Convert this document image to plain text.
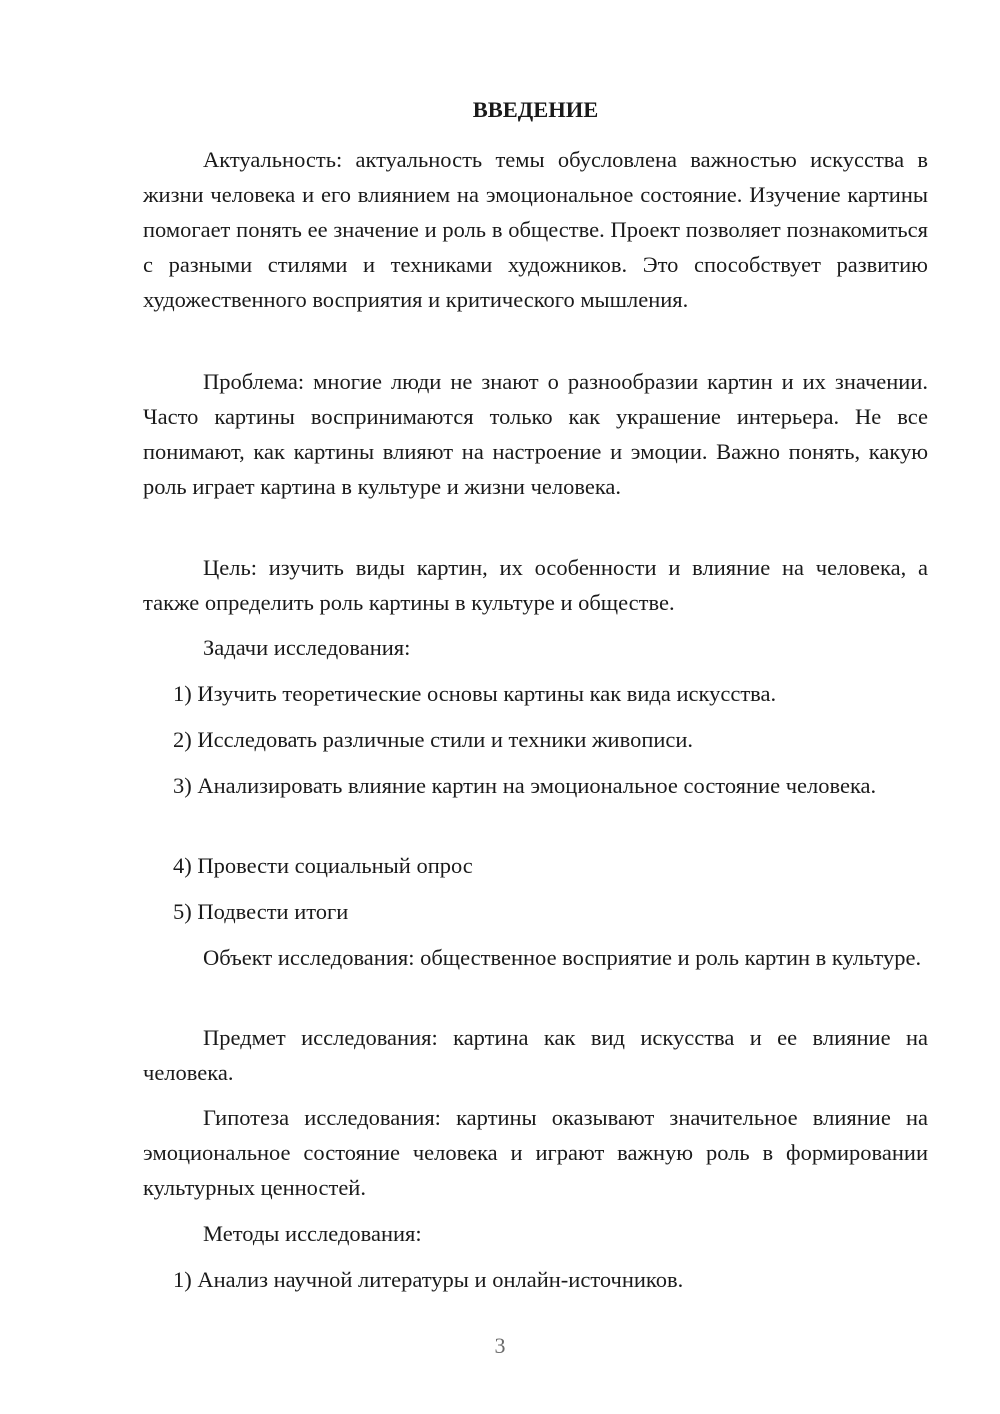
ВВЕДЕНИЕ

Актуальность: актуальность темы обусловлена важностью искусства в жизни человека и его влиянием на эмоциональное состояние. Изучение картины помогает понять ее значение и роль в обществе. Проект позволяет познакомиться с разными стилями и техниками художников. Это способствует развитию художественного восприятия и критического мышления.

Проблема: многие люди не знают о разнообразии картин и их значении. Часто картины воспринимаются только как украшение интерьера. Не все понимают, как картины влияют на настроение и эмоции. Важно понять, какую роль играет картина в культуре и жизни человека.

Цель: изучить виды картин, их особенности и влияние на человека, а также определить роль картины в культуре и обществе.

Задачи исследования:

1) Изучить теоретические основы картины как вида искусства.

2) Исследовать различные стили и техники живописи.

3) Анализировать влияние картин на эмоциональное состояние человека.

4) Провести социальный опрос

5) Подвести итоги

Объект исследования: общественное восприятие и роль картин в культуре.

Предмет исследования: картина как вид искусства и ее влияние на человека.

Гипотеза исследования: картины оказывают значительное влияние на эмоциональное состояние человека и играют важную роль в формировании культурных ценностей.

Методы исследования:

1) Анализ научной литературы и онлайн-источников.

3
